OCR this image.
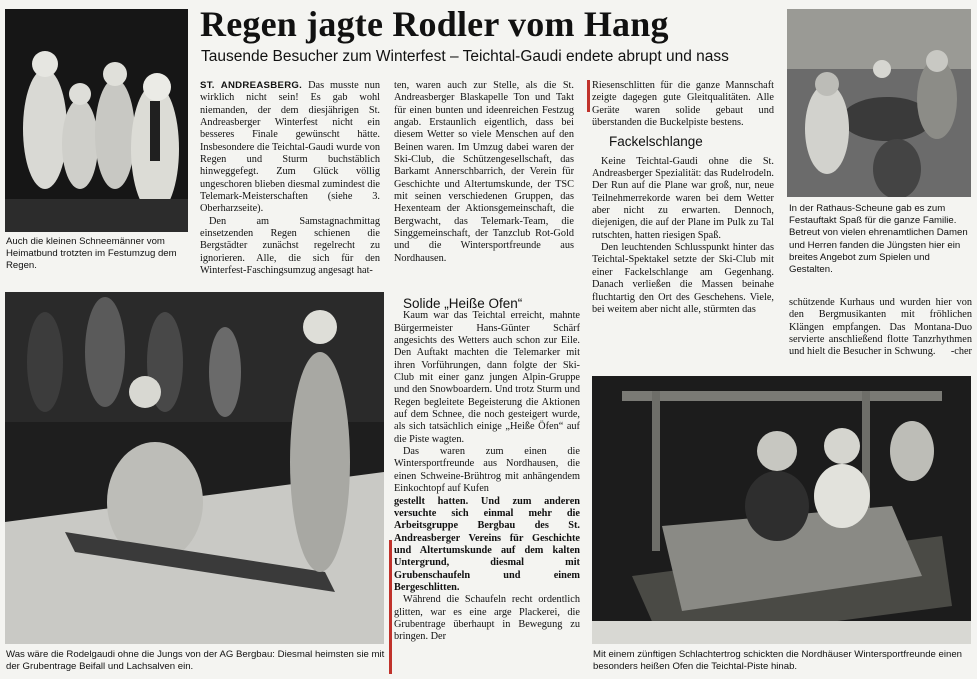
Regen jagte Rodler vom Hang
Tausende Besucher zum Winterfest – Teichtal-Gaudi endete abrupt und nass

Auch die kleinen Schneemänner vom Heimatbund trotzten im Festumzug dem Regen.

Was wäre die Rodelgaudi ohne die Jungs von der AG Bergbau: Diesmal heimsten sie mit der Grubentrage Beifall und Lachsalven ein.

ST. ANDREASBERG. Das musste nun wirklich nicht sein! Es gab wohl niemanden, der dem diesjährigen St. Andreasberger Winterfest nicht ein besseres Finale gewünscht hätte. Insbesondere die Teichtal-Gaudi wurde von Regen und Sturm buchstäblich hinweggefegt. Zum Glück völlig ungeschoren blieben diesmal zumindest die Telemark-Meisterschaften (siehe 3. Oberharzseite).

Den am Samstagnachmittag einsetzenden Regen schienen die Bergstädter zunächst regelrecht zu ignorieren. Alle, die sich für den Winterfest-Faschingsumzug angesagt hat-

ten, waren auch zur Stelle, als die St. Andreasberger Blaskapelle Ton und Takt für einen bunten und ideenreichen Festzug angab. Erstaunlich eigentlich, dass bei diesem Wetter so viele Menschen auf den Beinen waren. Im Umzug dabei waren der Ski-Club, die Schützengesellschaft, das Barkamt Annerschbarrich, der Verein für Geschichte und Altertumskunde, der TSC mit seinen verschiedenen Gruppen, das Hexenteam der Aktionsgemeinschaft, die Bergwacht, das Telemark-Team, die Singgemeinschaft, der Tanzclub Rot-Gold und die Wintersportfreunde aus Nordhausen.

Solide „Heiße Öfen“

Kaum war das Teichtal erreicht, mahnte Bürgermeister Hans-Günter Schärf angesichts des Wetters auch schon zur Eile. Den Auftakt machten die Telemarker mit ihren Vorführungen, dann folgte der Ski-Club mit einer ganz jungen Alpin-Gruppe und den Snowboardern. Und trotz Sturm und Regen begleitete Begeisterung die Aktionen auf dem Schnee, die noch gesteigert wurde, als sich tatsächlich einige „Heiße Öfen“ auf die Piste wagten.

Das waren zum einen die Wintersportfreunde aus Nordhausen, die einen Schweine-Brühtrog mit anhängendem Einkochtopf auf Kufen

gestellt hatten. Und zum anderen versuchte sich einmal mehr die Arbeitsgruppe Bergbau des St. Andreasberger Vereins für Geschichte und Altertumskunde auf dem kalten Untergrund, diesmal mit Grubenschaufeln und einem Bergeschlitten.

Während die Schaufeln recht ordentlich glitten, war es eine arge Plackerei, die Grubentrage überhaupt in Bewegung zu bringen. Der

Riesenschlitten für die ganze Mannschaft zeigte dagegen gute Gleitqualitäten. Alle Geräte waren solide gebaut und überstanden die Buckelpiste bestens.

Fackelschlange

Keine Teichtal-Gaudi ohne die St. Andreasberger Spezialität: das Rudelrodeln. Der Run auf die Plane war groß, nur, neue Teilnehmerrekorde waren bei dem Wetter aber nicht zu erwarten. Dennoch, diejenigen, die auf der Plane im Pulk zu Tal rutschten, hatten riesigen Spaß.

Den leuchtenden Schlusspunkt hinter das Teichtal-Spektakel setzte der Ski-Club mit einer Fackelschlange am Gegenhang. Danach verließen die Massen beinahe fluchtartig den Ort des Geschehens. Viele, bei weitem aber nicht alle, stürmten das

In der Rathaus-Scheune gab es zum Festauftakt Spaß für die ganze Familie. Betreut von vielen ehrenamtlichen Damen und Herren fanden die Jüngsten hier ein breites Angebot zum Spielen und Gestalten.

schützende Kurhaus und wurden hier von den Bergmusikanten mit fröhlichen Klängen empfangen. Das Montana-Duo servierte anschließend flotte Tanzrhythmen und hielt die Besucher in Schwung. -cher

Mit einem zünftigen Schlachtertrog schickten die Nordhäuser Wintersportfreunde einen besonders heißen Ofen die Teichtal-Piste hinab.
